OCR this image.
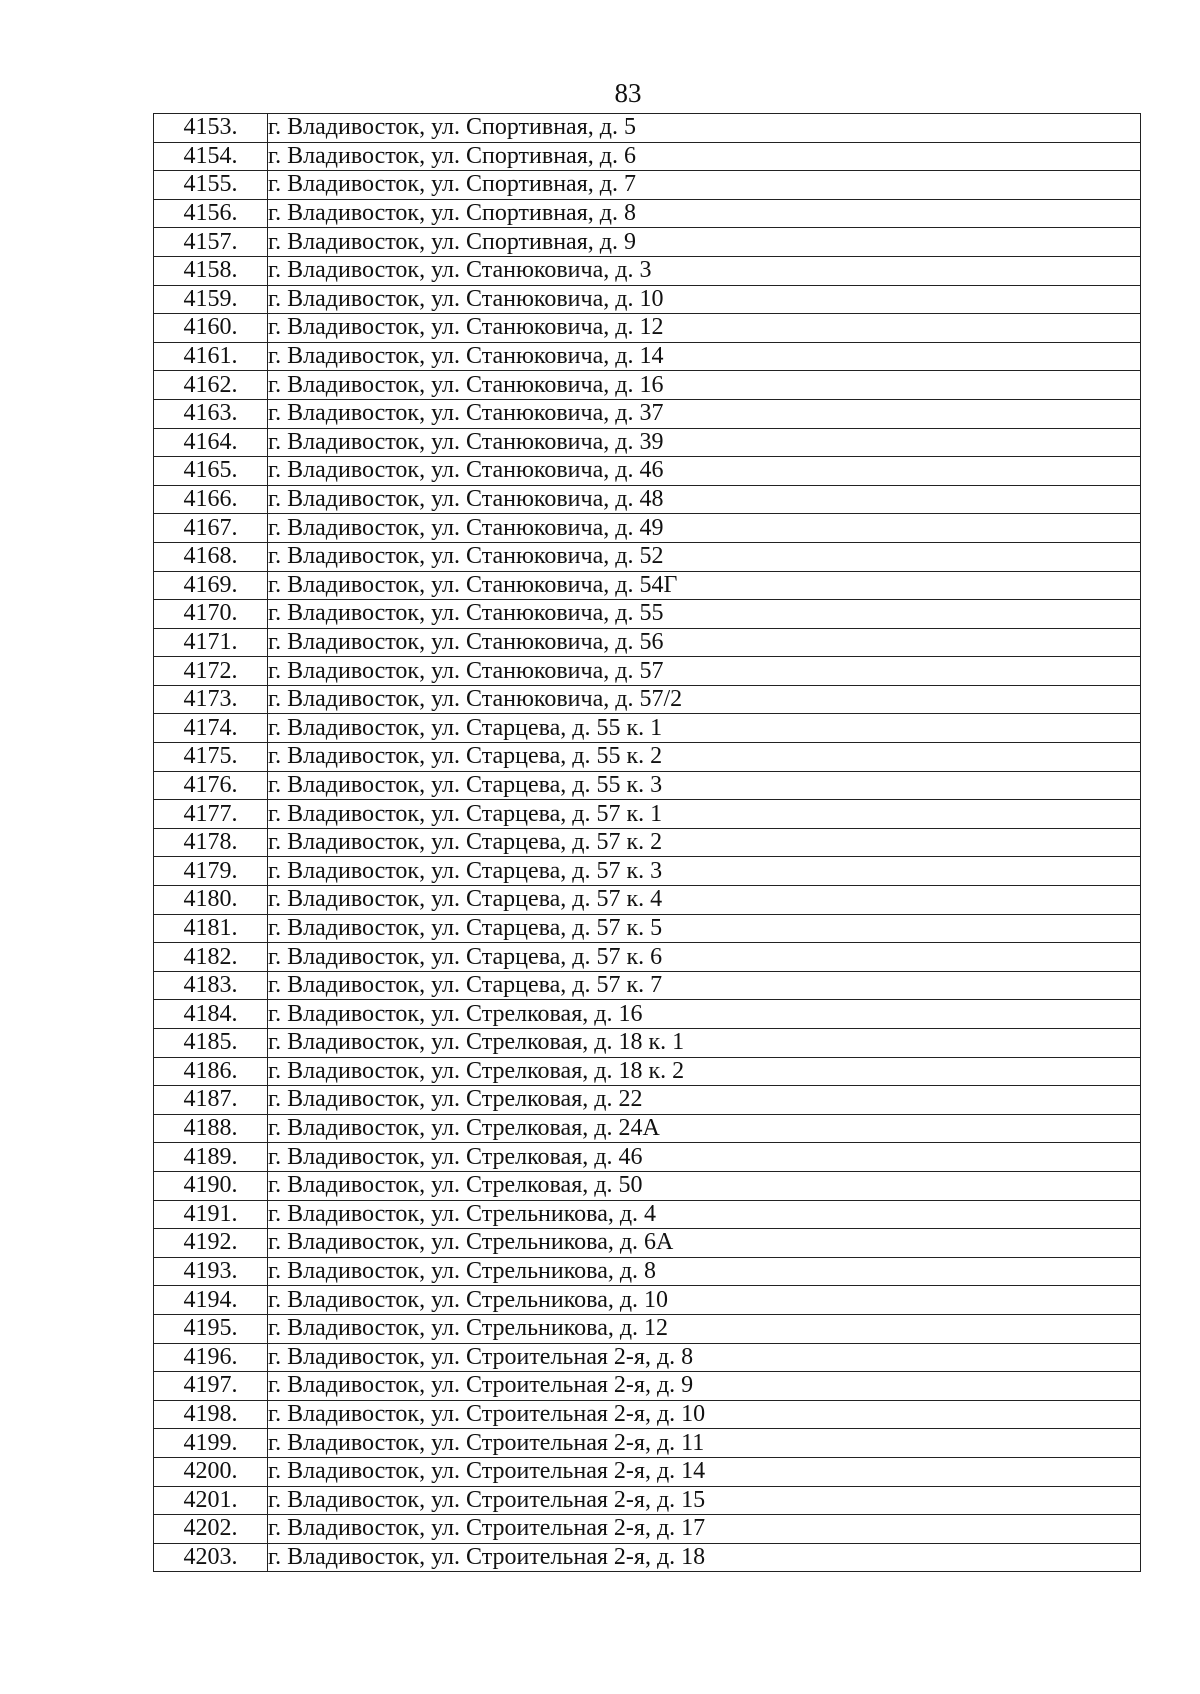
83
4153.	г. Владивосток, ул. Спортивная, д. 5
4154.	г. Владивосток, ул. Спортивная, д. 6
4155.	г. Владивосток, ул. Спортивная, д. 7
4156.	г. Владивосток, ул. Спортивная, д. 8
4157.	г. Владивосток, ул. Спортивная, д. 9
4158.	г. Владивосток, ул. Станюковича, д. 3
4159.	г. Владивосток, ул. Станюковича, д. 10
4160.	г. Владивосток, ул. Станюковича, д. 12
4161.	г. Владивосток, ул. Станюковича, д. 14
4162.	г. Владивосток, ул. Станюковича, д. 16
4163.	г. Владивосток, ул. Станюковича, д. 37
4164.	г. Владивосток, ул. Станюковича, д. 39
4165.	г. Владивосток, ул. Станюковича, д. 46
4166.	г. Владивосток, ул. Станюковича, д. 48
4167.	г. Владивосток, ул. Станюковича, д. 49
4168.	г. Владивосток, ул. Станюковича, д. 52
4169.	г. Владивосток, ул. Станюковича, д. 54Г
4170.	г. Владивосток, ул. Станюковича, д. 55
4171.	г. Владивосток, ул. Станюковича, д. 56
4172.	г. Владивосток, ул. Станюковича, д. 57
4173.	г. Владивосток, ул. Станюковича, д. 57/2
4174.	г. Владивосток, ул. Старцева, д. 55 к. 1
4175.	г. Владивосток, ул. Старцева, д. 55 к. 2
4176.	г. Владивосток, ул. Старцева, д. 55 к. 3
4177.	г. Владивосток, ул. Старцева, д. 57 к. 1
4178.	г. Владивосток, ул. Старцева, д. 57 к. 2
4179.	г. Владивосток, ул. Старцева, д. 57 к. 3
4180.	г. Владивосток, ул. Старцева, д. 57 к. 4
4181.	г. Владивосток, ул. Старцева, д. 57 к. 5
4182.	г. Владивосток, ул. Старцева, д. 57 к. 6
4183.	г. Владивосток, ул. Старцева, д. 57 к. 7
4184.	г. Владивосток, ул. Стрелковая, д. 16
4185.	г. Владивосток, ул. Стрелковая, д. 18 к. 1
4186.	г. Владивосток, ул. Стрелковая, д. 18 к. 2
4187.	г. Владивосток, ул. Стрелковая, д. 22
4188.	г. Владивосток, ул. Стрелковая, д. 24А
4189.	г. Владивосток, ул. Стрелковая, д. 46
4190.	г. Владивосток, ул. Стрелковая, д. 50
4191.	г. Владивосток, ул. Стрельникова, д. 4
4192.	г. Владивосток, ул. Стрельникова, д. 6А
4193.	г. Владивосток, ул. Стрельникова, д. 8
4194.	г. Владивосток, ул. Стрельникова, д. 10
4195.	г. Владивосток, ул. Стрельникова, д. 12
4196.	г. Владивосток, ул. Строительная 2-я, д. 8
4197.	г. Владивосток, ул. Строительная 2-я, д. 9
4198.	г. Владивосток, ул. Строительная 2-я, д. 10
4199.	г. Владивосток, ул. Строительная 2-я, д. 11
4200.	г. Владивосток, ул. Строительная 2-я, д. 14
4201.	г. Владивосток, ул. Строительная 2-я, д. 15
4202.	г. Владивосток, ул. Строительная 2-я, д. 17
4203.	г. Владивосток, ул. Строительная 2-я, д. 18
